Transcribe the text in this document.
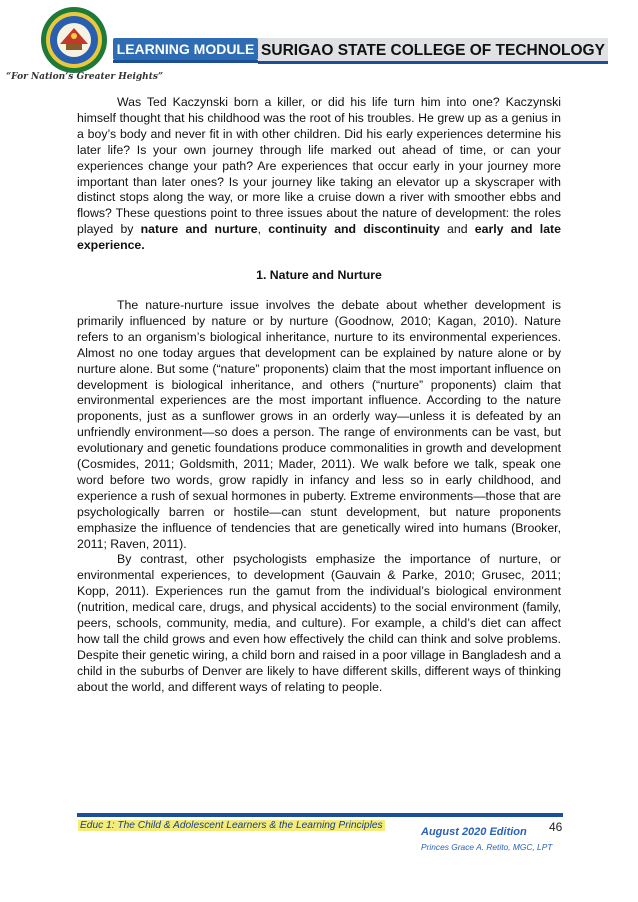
“For Nation’s Greater Heights”
LEARNING MODULE SURIGAO STATE COLLEGE OF TECHNOLOGY

Was Ted Kaczynski born a killer, or did his life turn him into one? Kaczynski himself thought that his childhood was the root of his troubles. He grew up as a genius in a boy’s body and never fit in with other children. Did his early experiences determine his later life? Is your own journey through life marked out ahead of time, or can your experiences change your path? Are experiences that occur early in your journey more important than later ones? Is your journey like taking an elevator up a skyscraper with distinct stops along the way, or more like a cruise down a river with smoother ebbs and flows? These questions point to three issues about the nature of development: the roles played by nature and nurture, continuity and discontinuity and early and late experience.

1. Nature and Nurture

The nature-nurture issue involves the debate about whether development is primarily influenced by nature or by nurture (Goodnow, 2010; Kagan, 2010). Nature refers to an organism’s biological inheritance, nurture to its environmental experiences. Almost no one today argues that development can be explained by nature alone or by nurture alone. But some (“nature” proponents) claim that the most important influence on development is biological inheritance, and others (“nurture” proponents) claim that environmental experiences are the most important influence. According to the nature proponents, just as a sunflower grows in an orderly way—unless it is defeated by an unfriendly environment—so does a person. The range of environments can be vast, but evolutionary and genetic foundations produce commonalities in growth and development (Cosmides, 2011; Goldsmith, 2011; Mader, 2011). We walk before we talk, speak one word before two words, grow rapidly in infancy and less so in early childhood, and experience a rush of sexual hormones in puberty. Extreme environments—those that are psychologically barren or hostile—can stunt development, but nature proponents emphasize the influence of tendencies that are genetically wired into humans (Brooker, 2011; Raven, 2011).

By contrast, other psychologists emphasize the importance of nurture, or environmental experiences, to development (Gauvain & Parke, 2010; Grusec, 2011; Kopp, 2011). Experiences run the gamut from the individual’s biological environment (nutrition, medical care, drugs, and physical accidents) to the social environment (family, peers, schools, community, media, and culture). For example, a child’s diet can affect how tall the child grows and even how effectively the child can think and solve problems. Despite their genetic wiring, a child born and raised in a poor village in Bangladesh and a child in the suburbs of Denver are likely to have different skills, different ways of thinking about the world, and different ways of relating to people.

Educ 1: The Child & Adolescent Learners & the Learning Principles	46
August 2020 Edition
Princes Grace A. Retito, MGC, LPT
